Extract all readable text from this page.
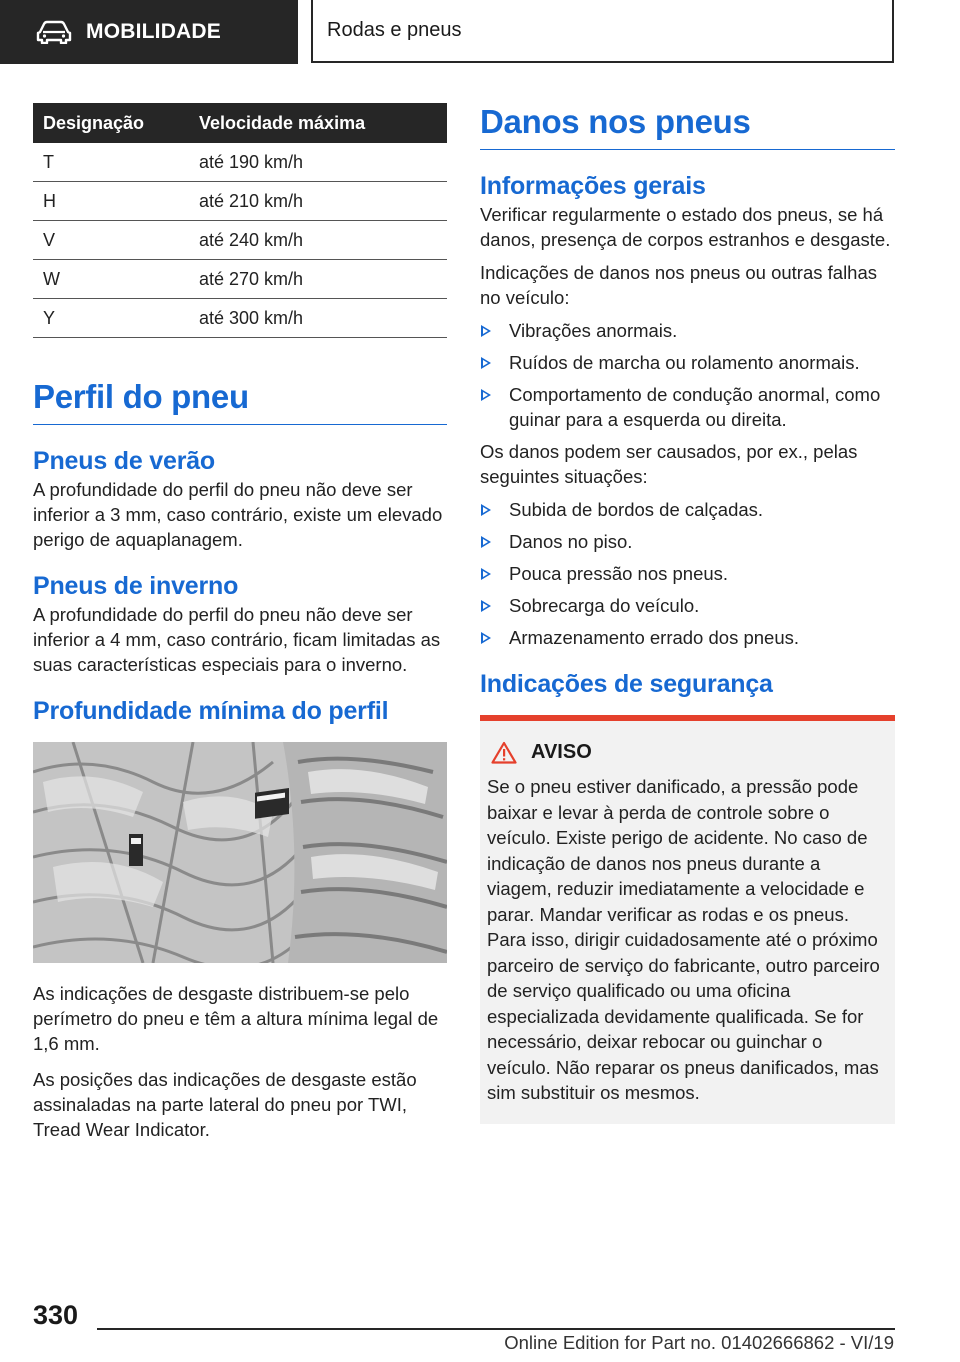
MOBILIDADE	Rodas e pneus
Designação	Velocidade máxima
T	até 190 km/h
H	até 210 km/h
V	até 240 km/h
W	até 270 km/h
Y	até 300 km/h
Perfil do pneu
Pneus de verão

A profundidade do perfil do pneu não deve ser inferior a 3 mm, caso contrário, existe um elevado perigo de aquaplanagem.

Pneus de inverno

A profundidade do perfil do pneu não deve ser inferior a 4 mm, caso contrário, ficam limitadas as suas características especiais para o inverno.

Profundidade mínima do perfil

As indicações de desgaste distribuem-se pelo perímetro do pneu e têm a altura mínima legal de 1,6 mm.

As posições das indicações de desgaste estão assinaladas na parte lateral do pneu por TWI, Tread Wear Indicator.

Danos nos pneus
Informações gerais

Verificar regularmente o estado dos pneus, se há danos, presença de corpos estranhos e desgaste.

Indicações de danos nos pneus ou outras falhas no veículo:

Vibrações anormais.
Ruídos de marcha ou rolamento anormais.
Comportamento de condução anormal, como guinar para a esquerda ou direita.

Os danos podem ser causados, por ex., pelas seguintes situações:

Subida de bordos de calçadas.
Danos no piso.
Pouca pressão nos pneus.
Sobrecarga do veículo.
Armazenamento errado dos pneus.
Indicações de segurança
AVISO

Se o pneu estiver danificado, a pressão pode baixar e levar à perda de controle sobre o veículo. Existe perigo de acidente. No caso de indicação de danos nos pneus durante a viagem, reduzir imediatamente a velocidade e parar. Mandar verificar as rodas e os pneus. Para isso, dirigir cuidadosamente até o próximo parceiro de serviço do fabricante, outro parceiro de serviço qualificado ou uma oficina especializada devidamente qualificada. Se for necessário, deixar rebocar ou guinchar o veículo. Não reparar os pneus danificados, mas sim substituir os mesmos.

330
Online Edition for Part no. 01402666862 - VI/19
